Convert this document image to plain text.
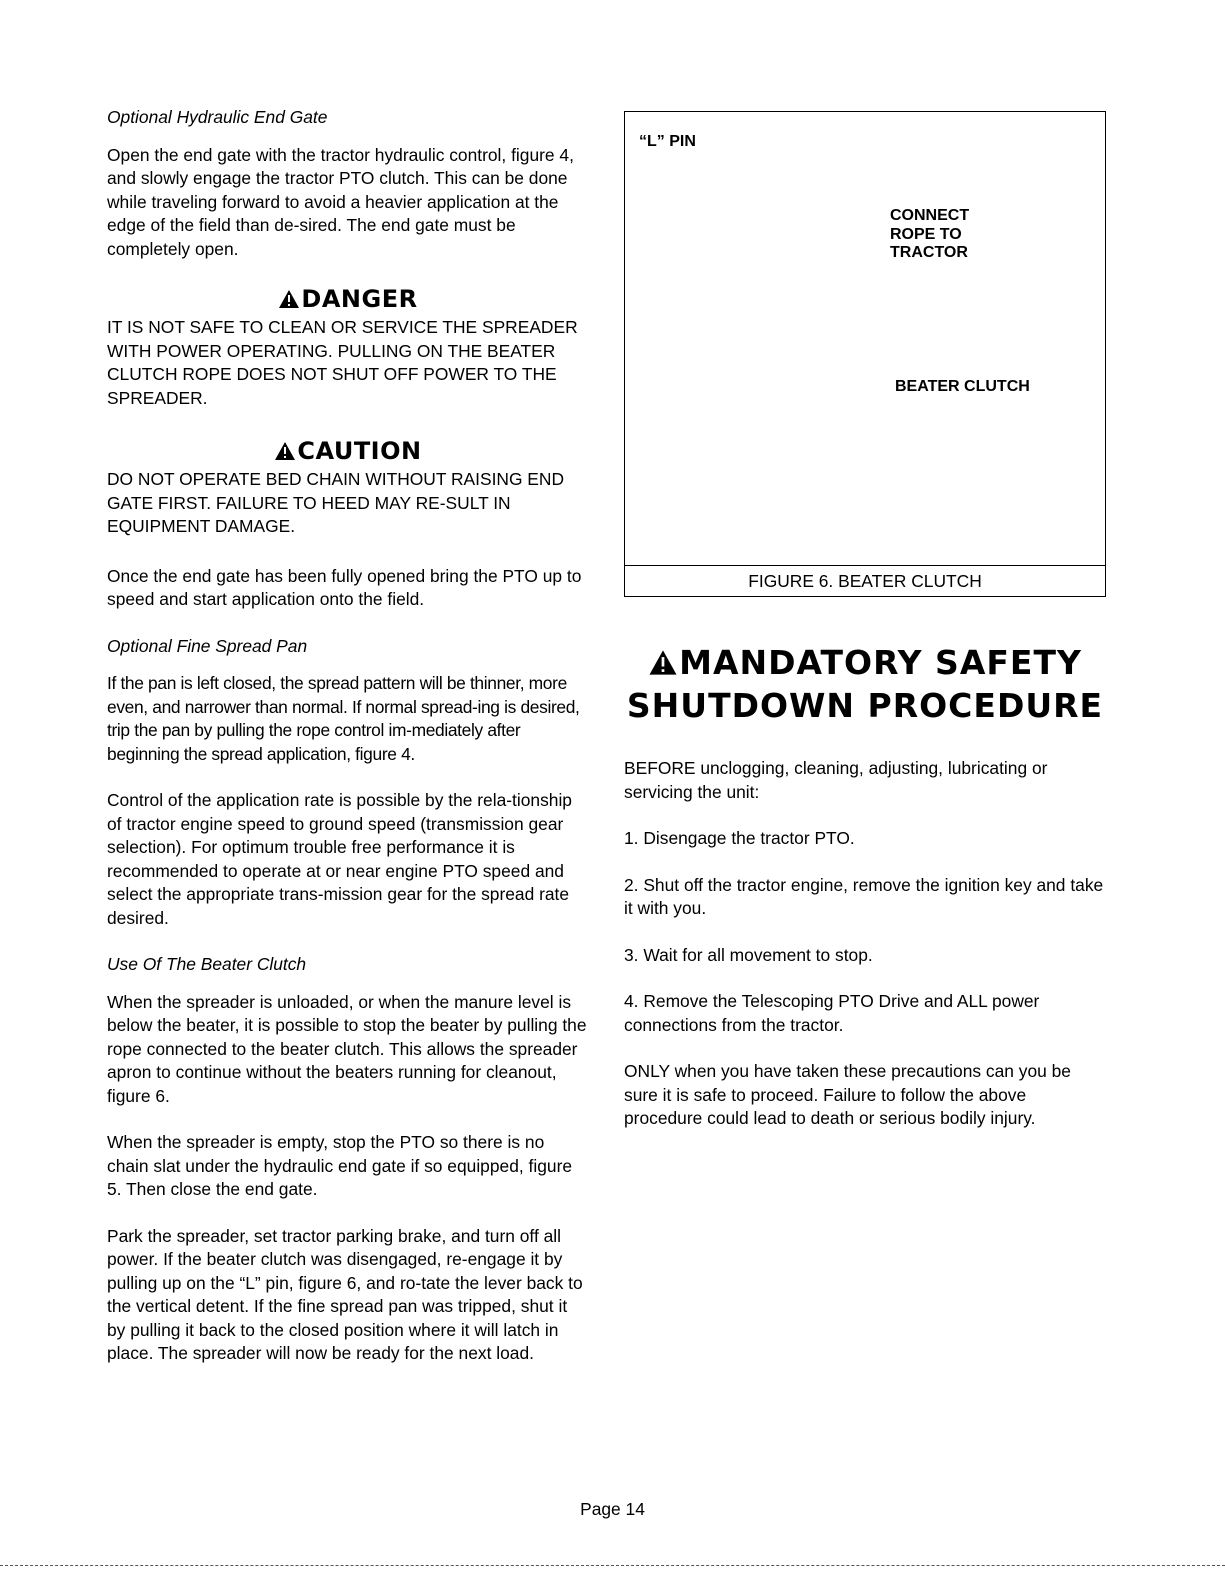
Optional Hydraulic End Gate

Open the end gate with the tractor hydraulic control, figure 4, and slowly engage the tractor PTO clutch. This can be done while traveling forward to avoid a heavier application at the edge of the field than de-sired. The end gate must be completely open.

DANGER

IT IS NOT SAFE TO CLEAN OR SERVICE THE SPREADER WITH POWER OPERATING. PULLING ON THE BEATER CLUTCH ROPE DOES NOT SHUT OFF POWER TO THE SPREADER.

CAUTION

DO NOT OPERATE BED CHAIN WITHOUT RAISING END GATE FIRST. FAILURE TO HEED MAY RE-SULT IN EQUIPMENT DAMAGE.

Once the end gate has been fully opened bring the PTO up to speed and start application onto the field.

Optional Fine Spread Pan

If the pan is left closed, the spread pattern will be thinner, more even, and narrower than normal. If normal spread-ing is desired, trip the pan by pulling the rope control im-mediately after beginning the spread application, figure 4.

Control of the application rate is possible by the rela-tionship of tractor engine speed to ground speed (transmission gear selection). For optimum trouble free performance it is recommended to operate at or near engine PTO speed and select the appropriate trans-mission gear for the spread rate desired.

Use Of The Beater Clutch

When the spreader is unloaded, or when the manure level is below the beater, it is possible to stop the beater by pulling the rope connected to the beater clutch. This allows the spreader apron to continue without the beaters running for cleanout, figure 6.

When the spreader is empty, stop the PTO so there is no chain slat under the hydraulic end gate if so equipped, figure 5. Then close the end gate.

Park the spreader, set tractor parking brake, and turn off all power. If the beater clutch was disengaged, re-engage it by pulling up on the “L” pin, figure 6, and ro-tate the lever back to the vertical detent. If the fine spread pan was tripped, shut it by pulling it back to the closed position where it will latch in place. The spreader will now be ready for the next load.

“L” PIN
CONNECT
ROPE TO
TRACTOR
BEATER CLUTCH
FIGURE 6. BEATER CLUTCH
MANDATORY SAFETY
SHUTDOWN PROCEDURE

BEFORE unclogging, cleaning, adjusting, lubricating or servicing the unit:

1. Disengage the tractor PTO.

2. Shut off the tractor engine, remove the ignition key and take it with you.

3. Wait for all movement to stop.

4. Remove the Telescoping PTO Drive and ALL power connections from the tractor.

ONLY when you have taken these precautions can you be sure it is safe to proceed. Failure to follow the above procedure could lead to death or serious bodily injury.

Page 14
